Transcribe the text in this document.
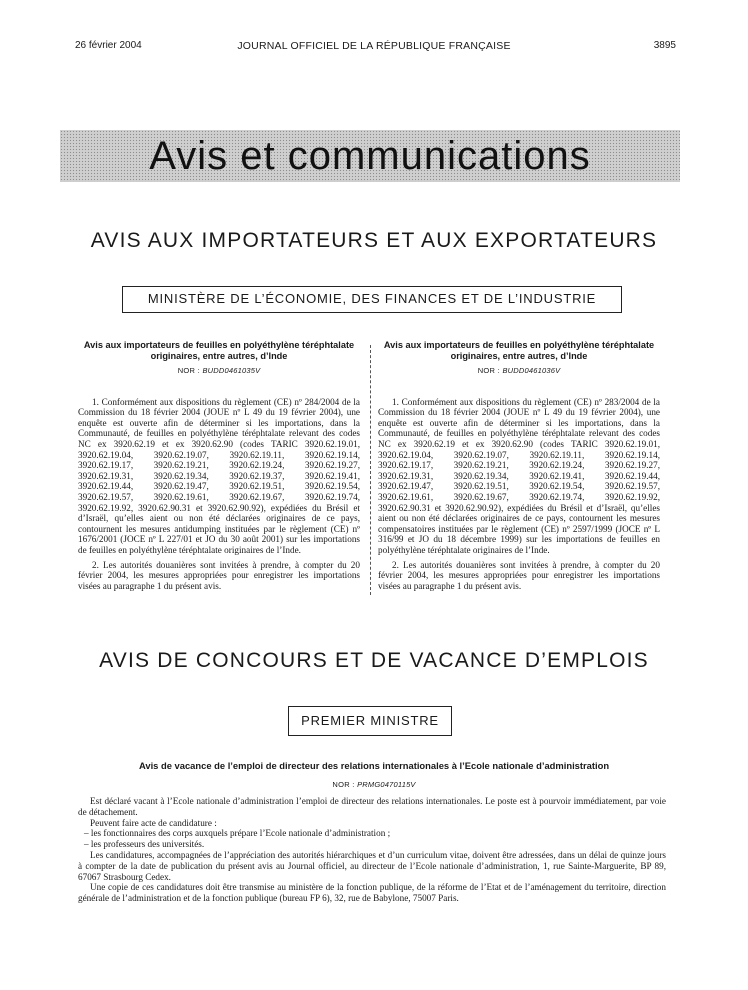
26 février 2004	JOURNAL OFFICIEL DE LA RÉPUBLIQUE FRANÇAISE	3895
Avis et communications
AVIS AUX IMPORTATEURS ET AUX EXPORTATEURS
MINISTÈRE DE L’ÉCONOMIE, DES FINANCES ET DE L’INDUSTRIE
Avis aux importateurs de feuilles en polyéthylène téréphtalate originaires, entre autres, d’Inde
NOR : BUDD0461035V

1. Conformément aux dispositions du règlement (CE) nº 284/2004 de la Commission du 18 février 2004 (JOUE nº L 49 du 19 février 2004), une enquête est ouverte afin de déterminer si les importations, dans la Communauté, de feuilles en polyéthylène téréphtalate relevant des codes NC ex 3920.62.19 et ex 3920.62.90 (codes TARIC 3920.62.19.01, 3920.62.19.04, 3920.62.19.07, 3920.62.19.11, 3920.62.19.14, 3920.62.19.17, 3920.62.19.21, 3920.62.19.24, 3920.62.19.27, 3920.62.19.31, 3920.62.19.34, 3920.62.19.37, 3920.62.19.41, 3920.62.19.44, 3920.62.19.47, 3920.62.19.51, 3920.62.19.54, 3920.62.19.57, 3920.62.19.61, 3920.62.19.67, 3920.62.19.74, 3920.62.19.92, 3920.62.90.31 et 3920.62.90.92), expédiées du Brésil et d’Israël, qu’elles aient ou non été déclarées originaires de ce pays, contournent les mesures antidumping instituées par le règlement (CE) nº 1676/2001 (JOCE nº L 227/01 et JO du 30 août 2001) sur les importations de feuilles en polyéthylène téréphtalate originaires de l’Inde.

2. Les autorités douanières sont invitées à prendre, à compter du 20 février 2004, les mesures appropriées pour enregistrer les importations visées au paragraphe 1 du présent avis.

Avis aux importateurs de feuilles en polyéthylène téréphtalate originaires, entre autres, d’Inde
NOR : BUDD0461036V

1. Conformément aux dispositions du règlement (CE) nº 283/2004 de la Commission du 18 février 2004 (JOUE nº L 49 du 19 février 2004), une enquête est ouverte afin de déterminer si les importations, dans la Communauté, de feuilles en polyéthylène téréphtalate relevant des codes NC ex 3920.62.19 et ex 3920.62.90 (codes TARIC 3920.62.19.01, 3920.62.19.04, 3920.62.19.07, 3920.62.19.11, 3920.62.19.14, 3920.62.19.17, 3920.62.19.21, 3920.62.19.24, 3920.62.19.27, 3920.62.19.31, 3920.62.19.34, 3920.62.19.41, 3920.62.19.44, 3920.62.19.47, 3920.62.19.51, 3920.62.19.54, 3920.62.19.57, 3920.62.19.61, 3920.62.19.67, 3920.62.19.74, 3920.62.19.92, 3920.62.90.31 et 3920.62.90.92), expédiées du Brésil et d’Israël, qu’elles aient ou non été déclarées originaires de ce pays, contournent les mesures compensatoires instituées par le règlement (CE) nº 2597/1999 (JOCE nº L 316/99 et JO du 18 décembre 1999) sur les importations de feuilles en polyéthylène téréphtalate originaires de l’Inde.

2. Les autorités douanières sont invitées à prendre, à compter du 20 février 2004, les mesures appropriées pour enregistrer les importations visées au paragraphe 1 du présent avis.

AVIS DE CONCOURS ET DE VACANCE D’EMPLOIS
PREMIER MINISTRE
Avis de vacance de l’emploi de directeur des relations internationales à l’Ecole nationale d’administration
NOR : PRMG0470115V

Est déclaré vacant à l’Ecole nationale d’administration l’emploi de directeur des relations internationales. Le poste est à pourvoir immédiatement, par voie de détachement.

Peuvent faire acte de candidature :

– les fonctionnaires des corps auxquels prépare l’Ecole nationale d’administration ;

– les professeurs des universités.

Les candidatures, accompagnées de l’appréciation des autorités hiérarchiques et d’un curriculum vitae, doivent être adressées, dans un délai de quinze jours à compter de la date de publication du présent avis au Journal officiel, au directeur de l’Ecole nationale d’administration, 1, rue Sainte-Marguerite, BP 89, 67067 Strasbourg Cedex.

Une copie de ces candidatures doit être transmise au ministère de la fonction publique, de la réforme de l’Etat et de l’aménagement du territoire, direction générale de l’administration et de la fonction publique (bureau FP 6), 32, rue de Babylone, 75007 Paris.
